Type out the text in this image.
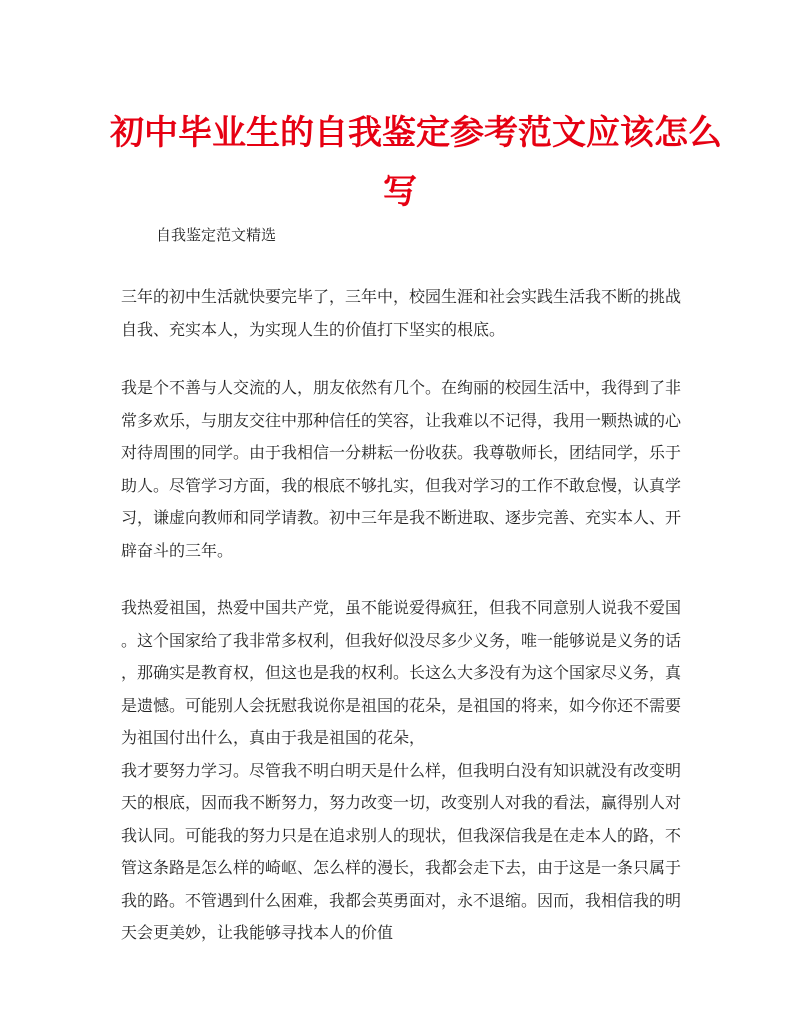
初中毕业生的自我鉴定参考范文应该怎么
写

自我鉴定范文精选

三年的初中生活就快要完毕了，三年中，校园生涯和社会实践生活我不断的挑战
自我、充实本人，为实现人生的价值打下坚实的根底。
我是个不善与人交流的人，朋友依然有几个。在绚丽的校园生活中，我得到了非
常多欢乐，与朋友交往中那种信任的笑容，让我难以不记得，我用一颗热诚的心
对待周围的同学。由于我相信一分耕耘一份收获。我尊敬师长，团结同学，乐于
助人。尽管学习方面，我的根底不够扎实，但我对学习的工作不敢怠慢，认真学
习，谦虚向教师和同学请教。初中三年是我不断进取、逐步完善、充实本人、开
辟奋斗的三年。
我热爱祖国，热爱中国共产党，虽不能说爱得疯狂，但我不同意别人说我不爱国
。这个国家给了我非常多权利，但我好似没尽多少义务，唯一能够说是义务的话
，那确实是教育权，但这也是我的权利。长这么大多没有为这个国家尽义务，真
是遗憾。可能别人会抚慰我说你是祖国的花朵，是祖国的将来，如今你还不需要
为祖国付出什么，真由于我是祖国的花朵，
我才要努力学习。尽管我不明白明天是什么样，但我明白没有知识就没有改变明
天的根底，因而我不断努力，努力改变一切，改变别人对我的看法，赢得别人对
我认同。可能我的努力只是在追求别人的现状，但我深信我是在走本人的路，不
管这条路是怎么样的崎岖、怎么样的漫长，我都会走下去，由于这是一条只属于
我的路。不管遇到什么困难，我都会英勇面对，永不退缩。因而，我相信我的明
天会更美妙，让我能够寻找本人的价值
